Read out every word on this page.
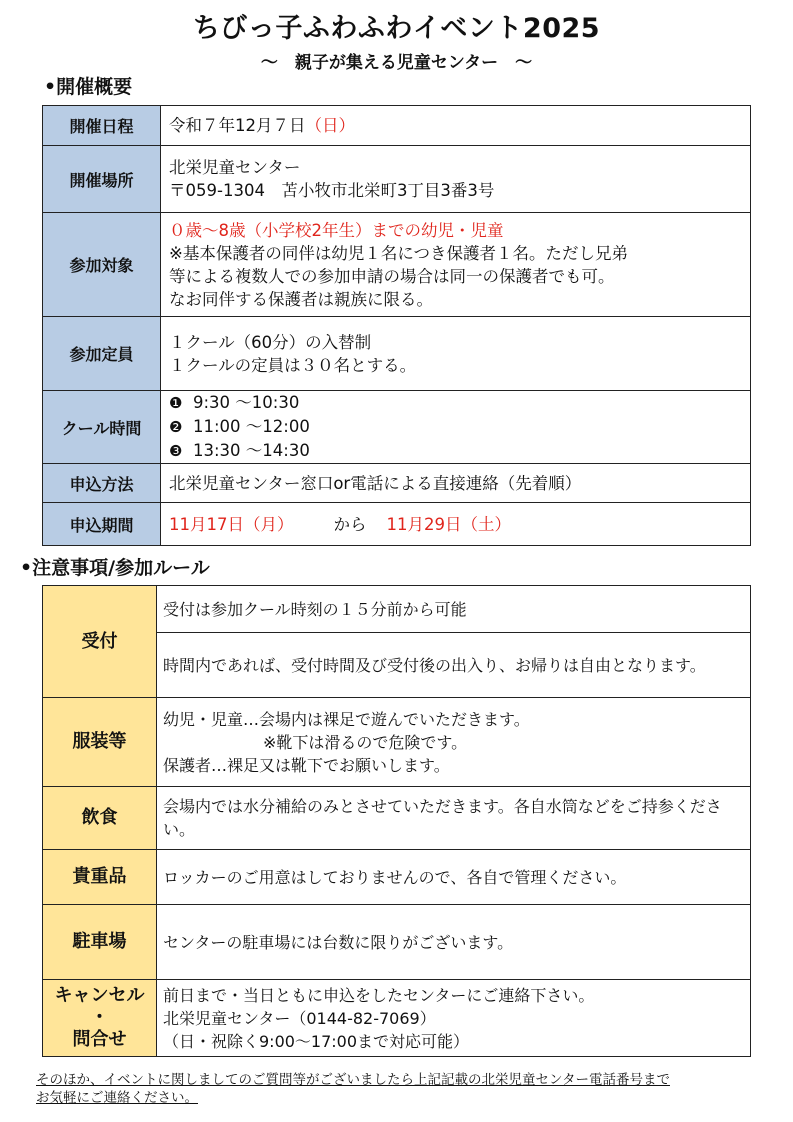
ちびっ子ふわふわイベント2025
～　親子が集える児童センター　～
•開催概要
開催日程	令和７年12月７日（日）
開催場所	北栄児童センター
〒059-1304　苫小牧市北栄町3丁目3番3号

参加対象	０歳～8歳（小学校2年生）までの幼児・児童
※基本保護者の同伴は幼児１名につき保護者１名。ただし兄弟
等による複数人での参加申請の場合は同一の保護者でも可。
なお同伴する保護者は親族に限る。

参加定員	１クール（60分）の入替制
１クールの定員は３０名とする。

クール時間	❶ 9:30 ～10:30
❷ 11:00 ～12:00
❸ 13:30 ～14:30

申込方法	北栄児童センター窓口or電話による直接連絡（先着順）
申込期間	11月17日（月） から 11月29日（土）
•注意事項/参加ルール
受付	受付は参加クール時刻の１５分前から可能

	時間内であれば、受付時間及び受付後の出入り、お帰りは自由となります。

服装等	幼児・児童…会場内は裸足で遊んでいただきます。
※靴下は滑るので危険です。
保護者…裸足又は靴下でお願いします。

飲食	会場内では水分補給のみとさせていただきます。各自水筒などをご持参ください。

貴重品	ロッカーのご用意はしておりませんので、各自で管理ください。
駐車場	センターの駐車場には台数に限りがございます。

キャンセル
・
問合せ	前日まで・当日ともに申込をしたセンターにご連絡下さい。
北栄児童センター（0144-82-7069）
（日・祝除く9:00～17:00まで対応可能）
そのほか、イベントに関しましてのご質問等がございましたら上記記載の北栄児童センター電話番号まで
お気軽にご連絡ください。
